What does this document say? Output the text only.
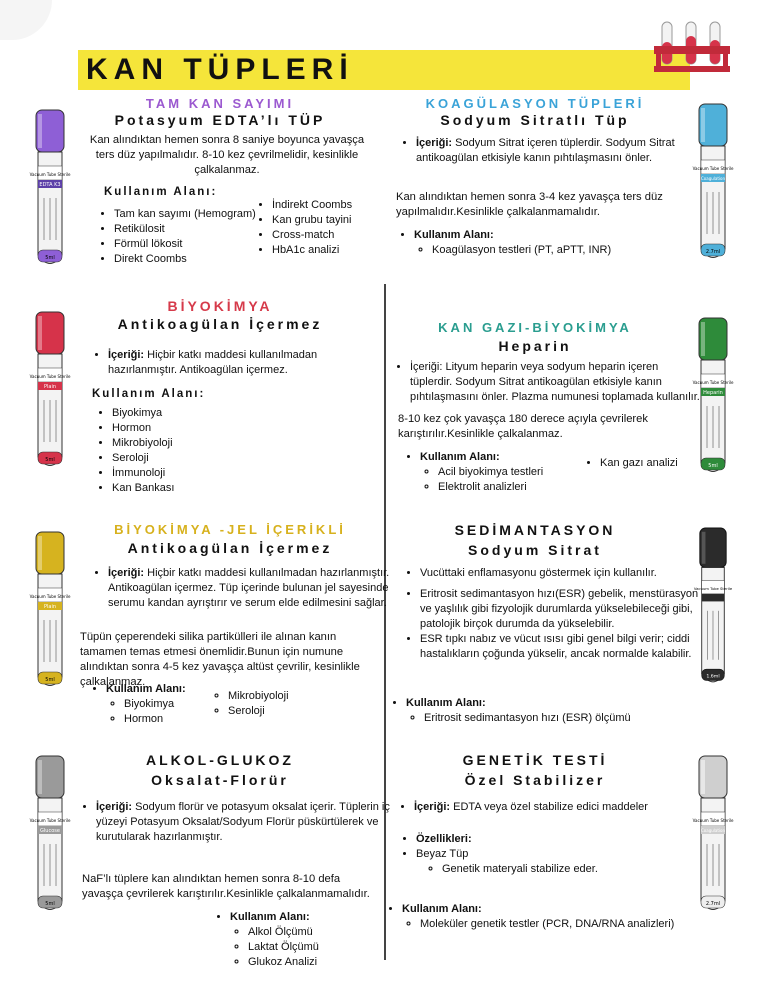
KAN TÜPLERİ
Vacuum Tube Sterile
EDTA K3
5ml
Vacuum Tube Sterile
Coagulation
2.7ml
Vacuum Tube Sterile
Plain
5ml
Vacuum Tube Sterile
Heparin
5ml
Vacuum Tube Sterile
Plain
5ml
Vacuum Tube Sterile
1.6ml
Vacuum Tube Sterile
Glucose
5ml
Vacuum Tube Sterile
Coagulation
2.7ml
TAM KAN SAYIMI
Potasyum EDTA’lı TÜP
Kan alındıktan hemen sonra 8 saniye boyunca yavaşça ters düz yapılmalıdır. 8-10 kez çevrilmelidir, kesinlikle çalkalanmaz.
Kullanım Alanı:
• Tam kan sayımı (Hemogram)
• Retikülosit
• Förmül lökosit
• Direkt Coombs
• İndirekt Coombs
• Kan grubu tayini
• Cross-match
• HbA1c analizi
KOAGÜLASYON TÜPLERİ
Sodyum Sitratlı Tüp
• İçeriği: Sodyum Sitrat içeren tüplerdir. Sodyum Sitrat antikoagülan etkisiyle kanın pıhtılaşmasını önler.
Kan alındıktan hemen sonra 3-4 kez yavaşça ters düz yapılmalıdır.Kesinlikle çalkalanmamalıdır.
• Kullanım Alanı:
◦ Koagülasyon testleri (PT, aPTT, INR)
BİYOKİMYA
Antikoagülan İçermez
• İçeriği: Hiçbir katkı maddesi kullanılmadan hazırlanmıştır. Antikoagülan içermez.
Kullanım Alanı:
• Biyokimya
• Hormon
• Mikrobiyoloji
• Seroloji
• İmmunoloji
• Kan Bankası
KAN GAZI-BİYOKİMYA
Heparin
• İçeriği: Lityum heparin veya sodyum heparin içeren tüplerdir. Sodyum Sitrat antikoagülan etkisiyle kanın pıhtılaşmasını önler. Plazma numunesi toplamada kullanılır.
8-10 kez çok yavaşça 180 derece açıyla çevrilerek karıştırılır.Kesinlikle çalkalanmaz.
• Kullanım Alanı:
◦ Acil biyokimya testleri
◦ Elektrolit analizleri
• Kan gazı analizi
BİYOKİMYA -JEL İÇERİKLİ
Antikoagülan İçermez
• İçeriği: Hiçbir katkı maddesi kullanılmadan hazırlanmıştır. Antikoagülan içermez. Tüp içerinde bulunan jel sayesinde serumu kandan ayrıştırır ve serum elde edilmesini sağlar.
Tüpün çeperendeki silika partikülleri ile alınan kanın tamamen temas etmesi önemlidir.Bunun için numune alındıktan sonra 4-5 kez yavaşça altüst çevrilir, kesinlikle çalkalanmaz.
• Kullanım Alanı:
◦ Biyokimya
◦ Hormon
◦ Mikrobiyoloji
◦ Seroloji
SEDİMANTASYON
Sodyum Sitrat
• Vucüttaki enflamasyonu göstermek için kullanılır.
• Eritrosit sedimantasyon hızı(ESR) gebelik, menstürasyon ve yaşlılık gibi fizyolojik durumlarda yükselebileceği gibi, patolojik birçok durumda da yükselebilir.
• ESR tıpkı nabız ve vücut ısısı gibi genel bilgi verir; ciddi hastalıkların çoğunda yükselir, ancak normalde kalabilir.
• Kullanım Alanı:
◦ Eritrosit sedimantasyon hızı (ESR) ölçümü
ALKOL-GLUKOZ
Oksalat-Florür
• İçeriği: Sodyum florür ve potasyum oksalat içerir. Tüplerin iç yüzeyi Potasyum Oksalat/Sodyum Florür püskürtülerek ve kurutularak hazırlanmıştır.
NaF’lı tüplere kan alındıktan hemen sonra 8-10 defa yavaşça çevrilerek karıştırılır.Kesinlikle çalkalanmamalıdır.
• Kullanım Alanı:
◦ Alkol Ölçümü
◦ Laktat Ölçümü
◦ Glukoz Analizi
GENETİK TESTİ
Özel Stabilizer
• İçeriği: EDTA veya özel stabilize edici maddeler
• Özellikleri:
• Beyaz Tüp
◦ Genetik materyali stabilize eder.
• Kullanım Alanı:
◦ Moleküler genetik testler (PCR, DNA/RNA analizleri)
